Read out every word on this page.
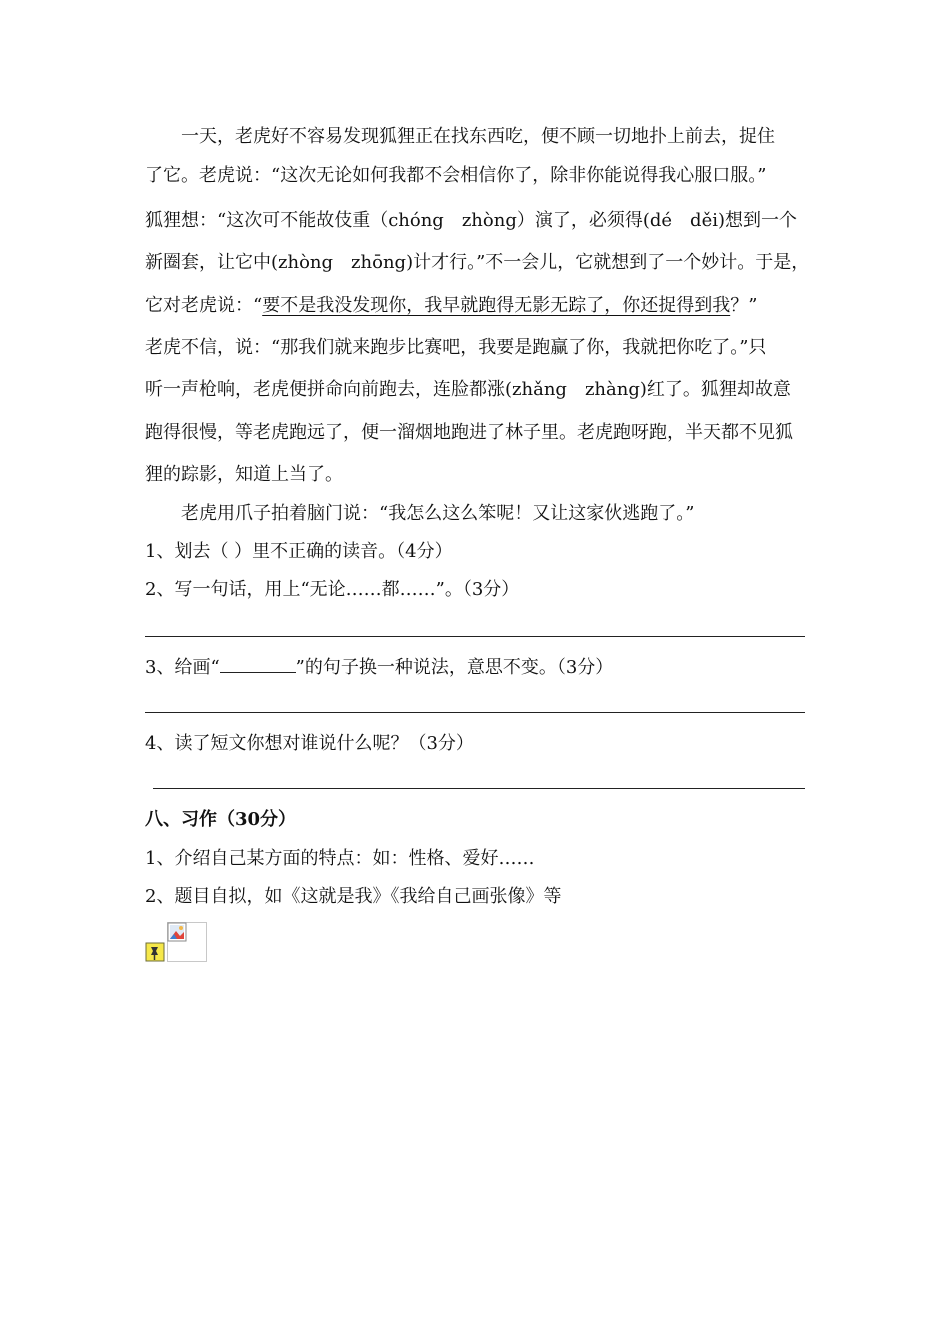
一天，老虎好不容易发现狐狸正在找东西吃，便不顾一切地扑上前去，捉住
了它。老虎说：“这次无论如何我都不会相信你了，除非你能说得我心服口服。”
狐狸想：“这次可不能故伎重（chóng　zhòng）演了，必须得(dé　děi)想到一个
新圈套，让它中(zhòng　zhōng)计才行。”不一会儿，它就想到了一个妙计。于是，
它对老虎说：“要不是我没发现你，我早就跑得无影无踪了，你还捉得到我？”
老虎不信，说：“那我们就来跑步比赛吧，我要是跑赢了你，我就把你吃了。”只
听一声枪响，老虎便拼命向前跑去，连脸都涨(zhǎng　zhàng)红了。狐狸却故意
跑得很慢，等老虎跑远了，便一溜烟地跑进了林子里。老虎跑呀跑，半天都不见狐
狸的踪影，知道上当了。
老虎用爪子拍着脑门说：“我怎么这么笨呢！又让这家伙逃跑了。”
1、划去（ ）里不正确的读音。（4分）
2、写一句话，用上“无论……都……”。（3分）
3、给画“	”的句子换一种说法，意思不变。（3分）
4、读了短文你想对谁说什么呢？（3分）
八、习作（30分）
1、介绍自己某方面的特点：如：性格、爱好……
2、题目自拟，如《这就是我》《我给自己画张像》等
